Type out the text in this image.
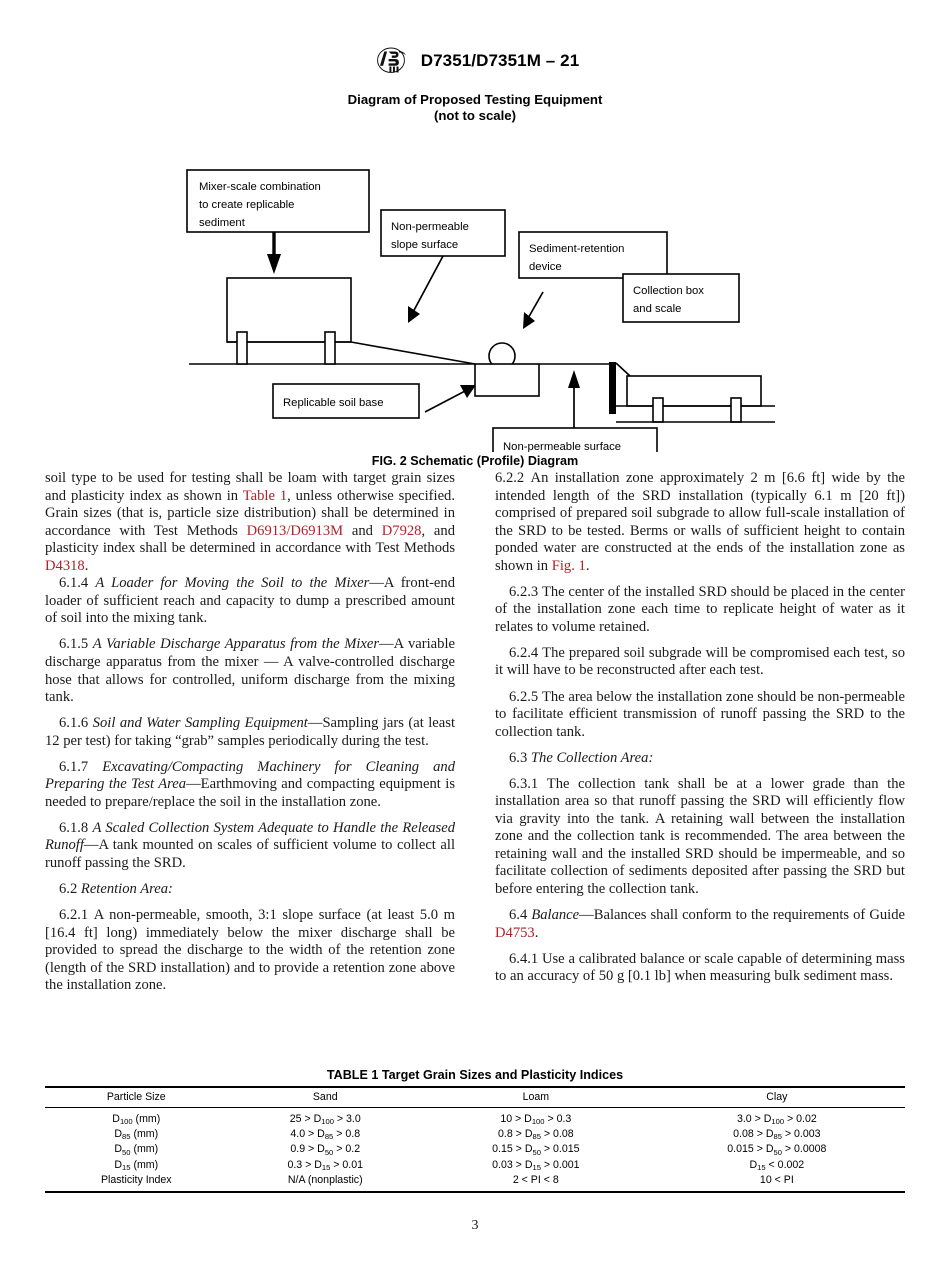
D7351/D7351M – 21
Diagram of Proposed Testing Equipment
(not to scale)
Mixer-scale combination
to create replicable
sediment	Non-permeable
slope surface	Sediment-retention
device
Collection box
and scale
Replicable soil base
Non-permeable surface
FIG. 2 Schematic (Profile) Diagram

soil type to be used for testing shall be loam with target grain sizes and plasticity index as shown in Table 1, unless otherwise specified. Grain sizes (that is, particle size distribution) shall be determined in accordance with Test Methods D6913/D6913M and D7928, and plasticity index shall be determined in accordance with Test Methods D4318.

6.1.4 A Loader for Moving the Soil to the Mixer—A front-end loader of sufficient reach and capacity to dump a prescribed amount of soil into the mixing tank.

6.1.5 A Variable Discharge Apparatus from the Mixer—A variable discharge apparatus from the mixer — A valve-controlled discharge hose that allows for controlled, uniform discharge from the mixing tank.

6.1.6 Soil and Water Sampling Equipment—Sampling jars (at least 12 per test) for taking “grab” samples periodically during the test.

6.1.7 Excavating/Compacting Machinery for Cleaning and Preparing the Test Area—Earthmoving and compacting equipment is needed to prepare/replace the soil in the installation zone.

6.1.8 A Scaled Collection System Adequate to Handle the Released Runoff—A tank mounted on scales of sufficient volume to collect all runoff passing the SRD.

6.2 Retention Area:

6.2.1 A non-permeable, smooth, 3:1 slope surface (at least 5.0 m [16.4 ft] long) immediately below the mixer discharge shall be provided to spread the discharge to the width of the retention zone (length of the SRD installation) and to provide a retention zone above the installation zone.

6.2.2 An installation zone approximately 2 m [6.6 ft] wide by the intended length of the SRD installation (typically 6.1 m [20 ft]) comprised of prepared soil subgrade to allow full-scale installation of the SRD to be tested. Berms or walls of sufficient height to contain ponded water are constructed at the ends of the installation zone as shown in Fig. 1.

6.2.3 The center of the installed SRD should be placed in the center of the installation zone each time to replicate height of water as it relates to volume retained.

6.2.4 The prepared soil subgrade will be compromised each test, so it will have to be reconstructed after each test.

6.2.5 The area below the installation zone should be non-permeable to facilitate efficient transmission of runoff passing the SRD to the collection tank.

6.3 The Collection Area:

6.3.1 The collection tank shall be at a lower grade than the installation area so that runoff passing the SRD will efficiently flow via gravity into the tank. A retaining wall between the installation zone and the collection tank is recommended. The area between the retaining wall and the installed SRD should be impermeable, and so facilitate collection of sediments deposited after passing the SRD but before entering the collection tank.

6.4 Balance—Balances shall conform to the requirements of Guide D4753.

6.4.1 Use a calibrated balance or scale capable of determining mass to an accuracy of 50 g [0.1 lb] when measuring bulk sediment mass.

TABLE 1 Target Grain Sizes and Plasticity Indices
Particle Size	Sand	Loam	Clay
$D_{100}$ (mm)	$25 > D_{100} > 3.0$	$10 > D_{100} > 0.3$	$3.0 > D_{100} > 0.02$
$D_{85}$ (mm)	$4.0 > D_{85} > 0.8$	$0.8 > D_{85} > 0.08$	$0.08 > D_{85} > 0.003$
$D_{50}$ (mm)	$0.9 > D_{50} > 0.2$	$0.15 > D_{50} > 0.015$	$0.015 > D_{50} > 0.0008$
$D_{15}$ (mm)	$0.3 > D_{15} > 0.01$	$0.03 > D_{15} > 0.001$	$D_{15} < 0.002$
Plasticity Index	N/A (nonplastic)	2 < PI < 8	10 < PI
3
